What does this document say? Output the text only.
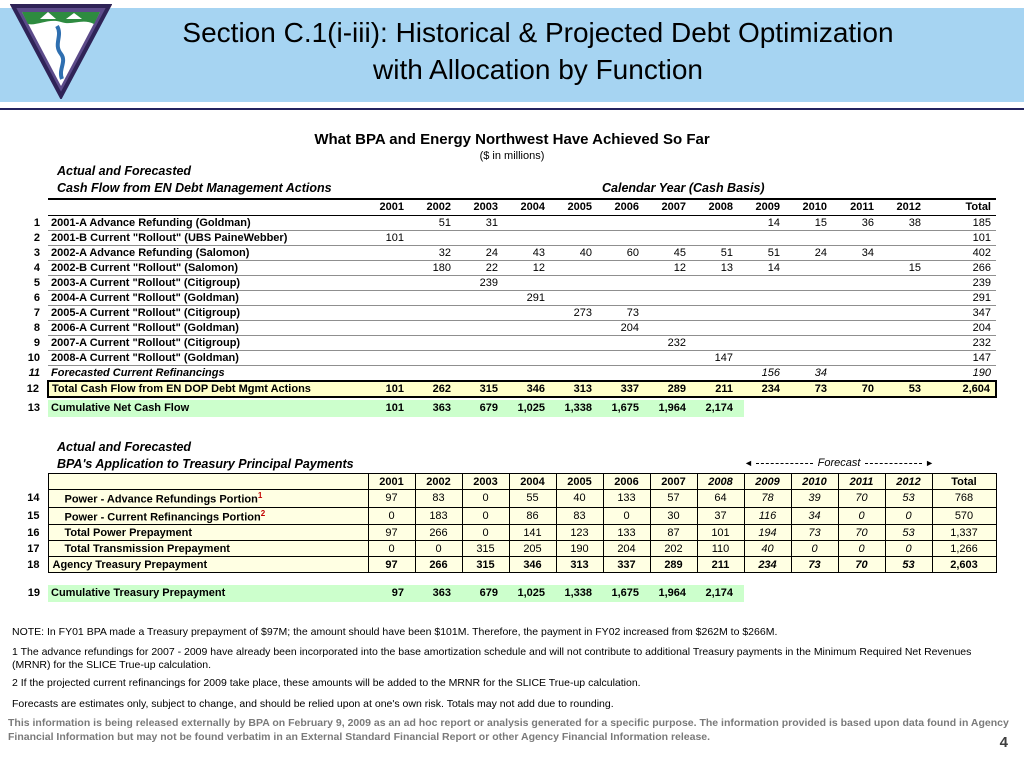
Section C.1(i-iii): Historical & Projected Debt Optimization
with Allocation by Function
What BPA and Energy Northwest Have Achieved So Far
($ in millions)
Actual and Forecasted
Cash Flow from EN Debt Management Actions	Calendar Year (Cash Basis)
		2001	2002	2003	2004	2005	2006	2007	2008	2009	2010	2011	2012	Total
1	2001-A Advance Refunding (Goldman)		51	31						14	15	36	38	185
2	2001-B Current "Rollout" (UBS PaineWebber)	101												101
3	2002-A Advance Refunding (Salomon)		32	24	43	40	60	45	51	51	24	34		402
4	2002-B Current "Rollout" (Salomon)		180	22	12			12	13	14			15	266
5	2003-A Current "Rollout" (Citigroup)			239										239
6	2004-A Current "Rollout" (Goldman)				291									291
7	2005-A Current "Rollout" (Citigroup)					273	73							347
8	2006-A Current "Rollout" (Goldman)						204							204
9	2007-A Current "Rollout" (Citigroup)							232						232
10	2008-A Current "Rollout" (Goldman)								147					147
11	Forecasted Current Refinancings									156	34			190
12	Total Cash Flow from EN DOP Debt Mgmt Actions	101	262	315	346	313	337	289	211	234	73	70	53	2,604
13	Cumulative Net Cash Flow	101	363	679	1,025	1,338	1,675	1,964	2,174					
Actual and Forecasted
BPA's Application to Treasury Principal Payments	◄	Forecast	►
		2001	2002	2003	2004	2005	2006	2007	2008	2009	2010	2011	2012	Total
14	Power - Advance Refundings Portion$^1$	97	83	0	55	40	133	57	64	78	39	70	53	768
15	Power - Current Refinancings Portion$^2$	0	183	0	86	83	0	30	37	116	34	0	0	570
16	Total Power Prepayment	97	266	0	141	123	133	87	101	194	73	70	53	1,337
17	Total Transmission Prepayment	0	0	315	205	190	204	202	110	40	0	0	0	1,266
18	Agency Treasury Prepayment	97	266	315	346	313	337	289	211	234	73	70	53	2,603
19	Cumulative Treasury Prepayment	97	363	679	1,025	1,338	1,675	1,964	2,174					
NOTE: In FY01 BPA made a Treasury prepayment of $97M; the amount should have been $101M. Therefore, the payment in FY02 increased from $262M to $266M.
1 The advance refundings for 2007 - 2009 have already been incorporated into the base amortization schedule and will not contribute to additional Treasury payments in the Minimum Required Net Revenues (MRNR) for the SLICE True-up calculation.
2 If the projected current refinancings for 2009 take place, these amounts will be added to the MRNR for the SLICE True-up calculation.
Forecasts are estimates only, subject to change, and should be relied upon at one's own risk. Totals may not add due to rounding.
This information is being released externally by BPA on February 9, 2009 as an ad hoc report or analysis generated for a specific purpose. The information provided is based upon data found in Agency Financial Information but may not be found verbatim in an External Standard Financial Report or other Agency Financial Information release.	4
